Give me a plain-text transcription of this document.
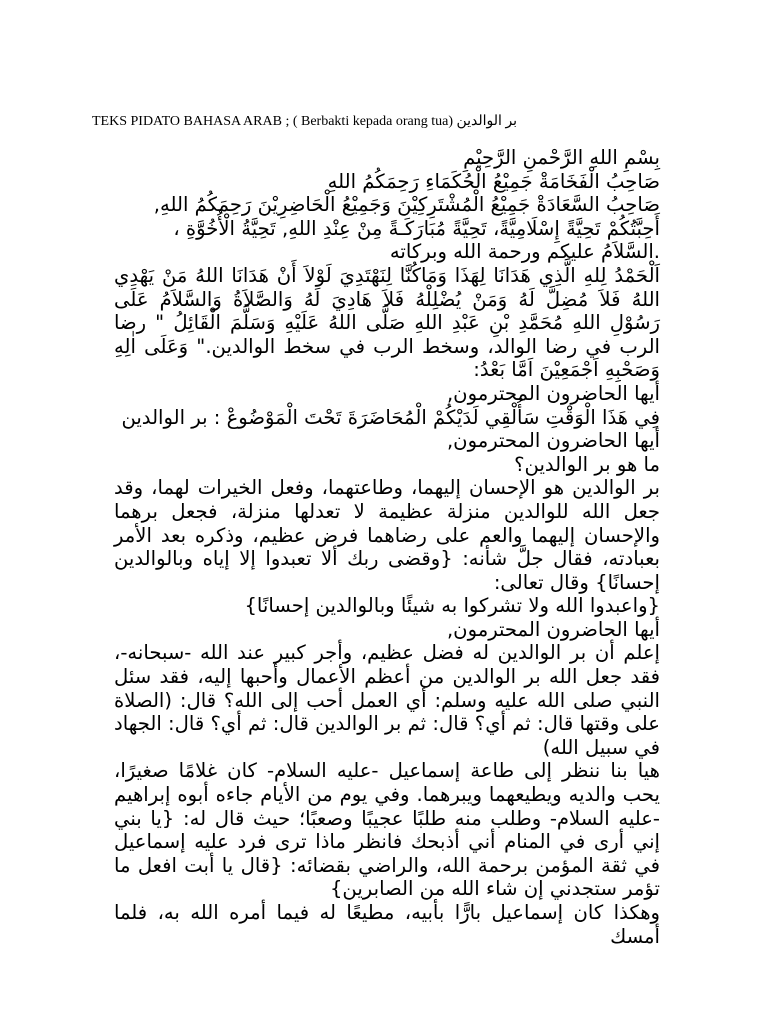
TEKS PIDATO BAHASA ARAB ; ( Berbakti kepada orang tua) بر الوالدين

بِسْمِ اللهِ الرَّحْمنِ الرَّحِيْمِ
صَاحِبُ الْفَخَامَةْ جَمِيْعُ الْحُكَمَاءِ رَحِمَكُمُ اللهِ
صَاحِبُ السَّعَادَةْ جَمِيْعُ الْمُشْتَرِكِيْنَ وَجَمِيْعُ الْحَاضِرِيْنَ رَحِمَكُمُ اللهِ,
أَحِبَّتُكُمْ تَحِيَّةً إِسْلَامِيَّةً، تَحِيَّةً مُبَارَكَـةً مِنْ عِنْدِ اللهِ, تَحِيَّةُ الْأُخُوَّةِ ،
.السَّلاَمُ عليكم ورحمة الله وبركاته

اَلْحَمْدُ لِلهِ الَّذِي هَدَانَا لِهَذَا وَمَاكُنَّا لِنَهْتَدِيَ لَوْلاَ أَنْ هَدَانَا اللهُ مَنْ يَهْدِي اللهُ فَلاَ مُضِلَّ لَهُ وَمَنْ يُضْلِلْهُ فَلاَ هَادِيَ لَهُ وَالصَّلاَةُ وَالسَّلاَمُ عَلَى رَسُوْلِ اللهِ مُحَمَّدِ بْنِ عَبْدِ اللهِ صَلَّى اللهُ عَلَيْهِ وَسَلَّمَ الْقَائِلُ " رضا الرب في رضا الوالد، وسخط الرب في سخط الوالدين." وَعَلَى اٰلِهِ وَصَحْبِهِ اَجْمَعِيْنَ اَمَّا بَعْدُ:

أيها الحاضرون المحترمون,
فِي هَذَا الْوَقْتِ سَأُلْقِي لَدَيْكُمْ الْمُحَاضَرَةَ تَحْتَ الْمَوْضُوعْ : بر الوالدين
أيها الحاضرون المحترمون,
ما هو بر الوالدين؟

بر الوالدين هو الإحسان إليهما، وطاعتهما، وفعل الخيرات لهما، وقد جعل الله للوالدين منزلة عظيمة لا تعدلها منزلة، فجعل برهما والإحسان إليهما والعم على رضاهما فرض عظيم، وذكره بعد الأمر بعبادته، فقال جلَّ شأنه: {وقضى ربك ألا تعبدوا إلا إياه وبالوالدين إحسانًا} وقال تعالى:
{واعبدوا الله ولا تشركوا به شيئًا وبالوالدين إحسانًا}
أيها الحاضرون المحترمون,

إعلم أن بر الوالدين له فضل عظيم، وأجر كبير عند الله -سبحانه-، فقد جعل الله بر الوالدين من أعظم الأعمال وأحبها إليه، فقد سئل النبي صلى الله عليه وسلم: أي العمل أحب إلى الله؟ قال: (الصلاة على وقتها قال: ثم أي؟ قال: ثم بر الوالدين قال: ثم أي؟ قال: الجهاد في سبيل الله)

هيا بنا ننظر إلى طاعة إسماعيل -عليه السلام- كان غلامًا صغيرًا، يحب والديه ويطيعهما ويبرهما. وفي يوم من الأيام جاءه أبوه إبراهيم -عليه السلام- وطلب منه طلبًا عجيبًا وصعبًا؛ حيث قال له: {يا بني إني أرى في المنام أني أذبحك فانظر ماذا ترى فرد عليه إسماعيل في ثقة المؤمن برحمة الله، والراضي بقضائه: {قال يا أبت افعل ما تؤمر ستجدني إن شاء الله من الصابرين}

وهكذا كان إسماعيل بارًّا بأبيه، مطيعًا له فيما أمره الله به، فلما أمسك
